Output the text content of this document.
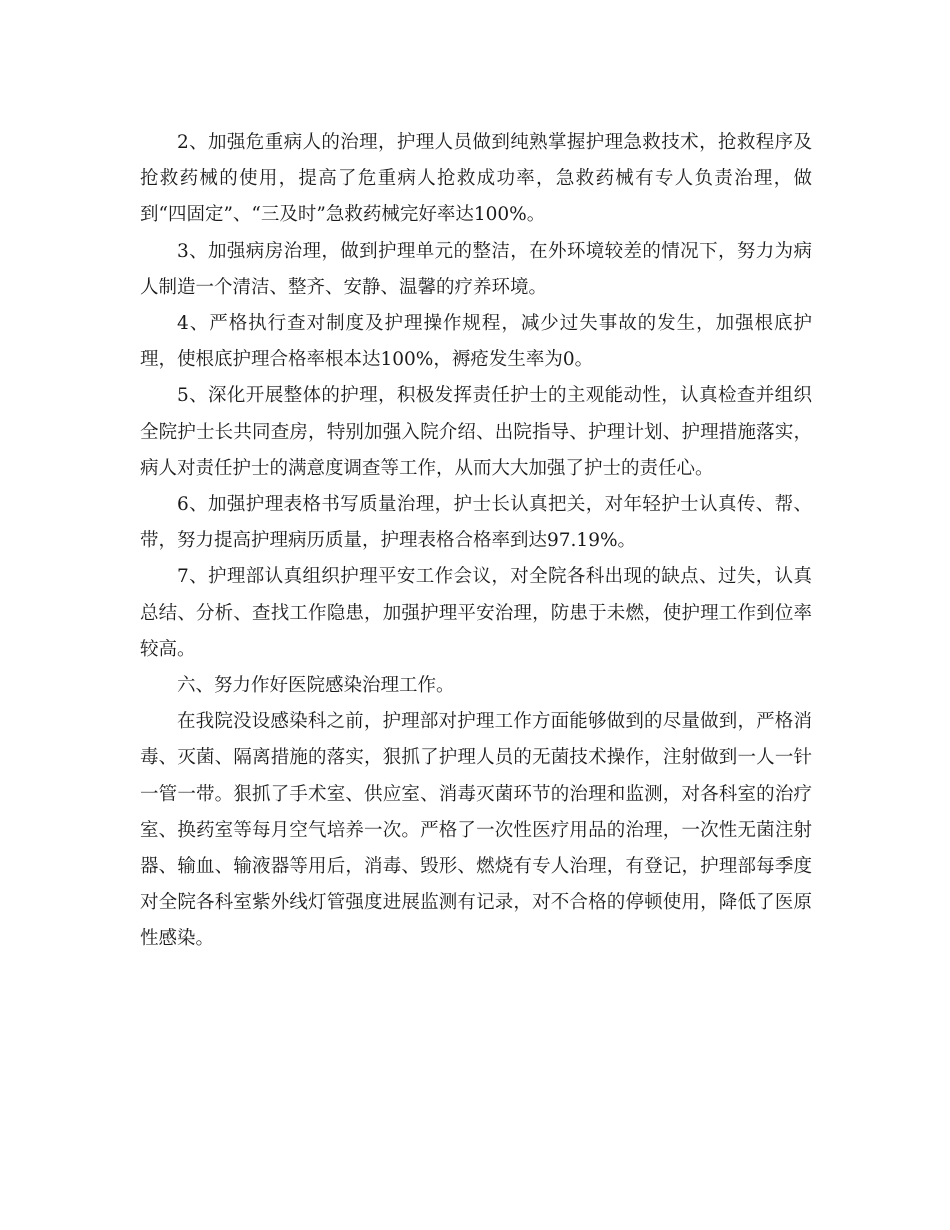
2、加强危重病人的治理，护理人员做到纯熟掌握护理急救技术，抢救程序及抢救药械的使用，提高了危重病人抢救成功率，急救药械有专人负责治理，做到“四固定”、“三及时”急救药械完好率达100%。

3、加强病房治理，做到护理单元的整洁，在外环境较差的情况下，努力为病人制造一个清洁、整齐、安静、温馨的疗养环境。

4、严格执行查对制度及护理操作规程，减少过失事故的发生，加强根底护理，使根底护理合格率根本达100%，褥疮发生率为0。

5、深化开展整体的护理，积极发挥责任护士的主观能动性，认真检查并组织全院护士长共同查房，特别加强入院介绍、出院指导、护理计划、护理措施落实，病人对责任护士的满意度调查等工作，从而大大加强了护士的责任心。

6、加强护理表格书写质量治理，护士长认真把关，对年轻护士认真传、帮、带，努力提高护理病历质量，护理表格合格率到达97.19%。

7、护理部认真组织护理平安工作会议，对全院各科出现的缺点、过失，认真总结、分析、查找工作隐患，加强护理平安治理，防患于未燃，使护理工作到位率较高。

六、努力作好医院感染治理工作。

在我院没设感染科之前，护理部对护理工作方面能够做到的尽量做到，严格消毒、灭菌、隔离措施的落实，狠抓了护理人员的无菌技术操作，注射做到一人一针一管一带。狠抓了手术室、供应室、消毒灭菌环节的治理和监测，对各科室的治疗室、换药室等每月空气培养一次。严格了一次性医疗用品的治理，一次性无菌注射器、输血、输液器等用后，消毒、毁形、燃烧有专人治理，有登记，护理部每季度对全院各科室紫外线灯管强度进展监测有记录，对不合格的停顿使用，降低了医原性感染。
